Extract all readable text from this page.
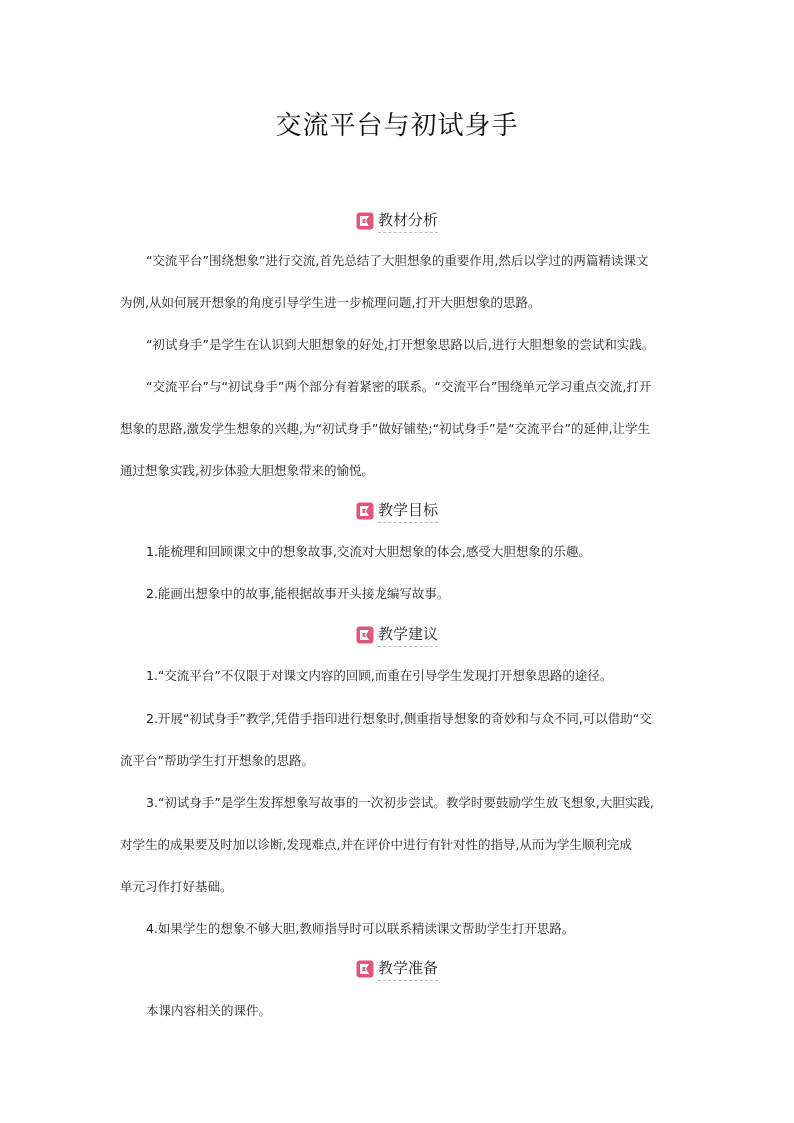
交流平台与初试身手
教材分析
“交流平台”围绕想象”进行交流,首先总结了大胆想象的重要作用,然后以学过的两篇精读课文
为例,从如何展开想象的角度引导学生进一步梳理问题,打开大胆想象的思路。
“初试身手”是学生在认识到大胆想象的好处,打开想象思路以后,进行大胆想象的尝试和实践。
“交流平台”与“初试身手”两个部分有着紧密的联系。“交流平台”围绕单元学习重点交流,打开
想象的思路,激发学生想象的兴趣,为“初试身手”做好铺垫;“初试身手”是“交流平台”的延伸,让学生
通过想象实践,初步体验大胆想象带来的愉悦。
教学目标
1.能梳理和回顾课文中的想象故事,交流对大胆想象的体会,感受大胆想象的乐趣。
2.能画出想象中的故事,能根据故事开头接龙编写故事。
教学建议
1.“交流平台”不仅限于对课文内容的回顾,而重在引导学生发现打开想象思路的途径。
2.开展“初试身手”教学,凭借手指印进行想象时,侧重指导想象的奇妙和与众不同,可以借助“交
流平台”帮助学生打开想象的思路。
3.“初试身手”是学生发挥想象写故事的一次初步尝试。教学时要鼓励学生放飞想象,大胆实践,
对学生的成果要及时加以诊断,发现难点,并在评价中进行有针对性的指导,从而为学生顺利完成
单元习作打好基础。
4.如果学生的想象不够大胆,教师指导时可以联系精读课文帮助学生打开思路。
教学准备
本课内容相关的课件。
